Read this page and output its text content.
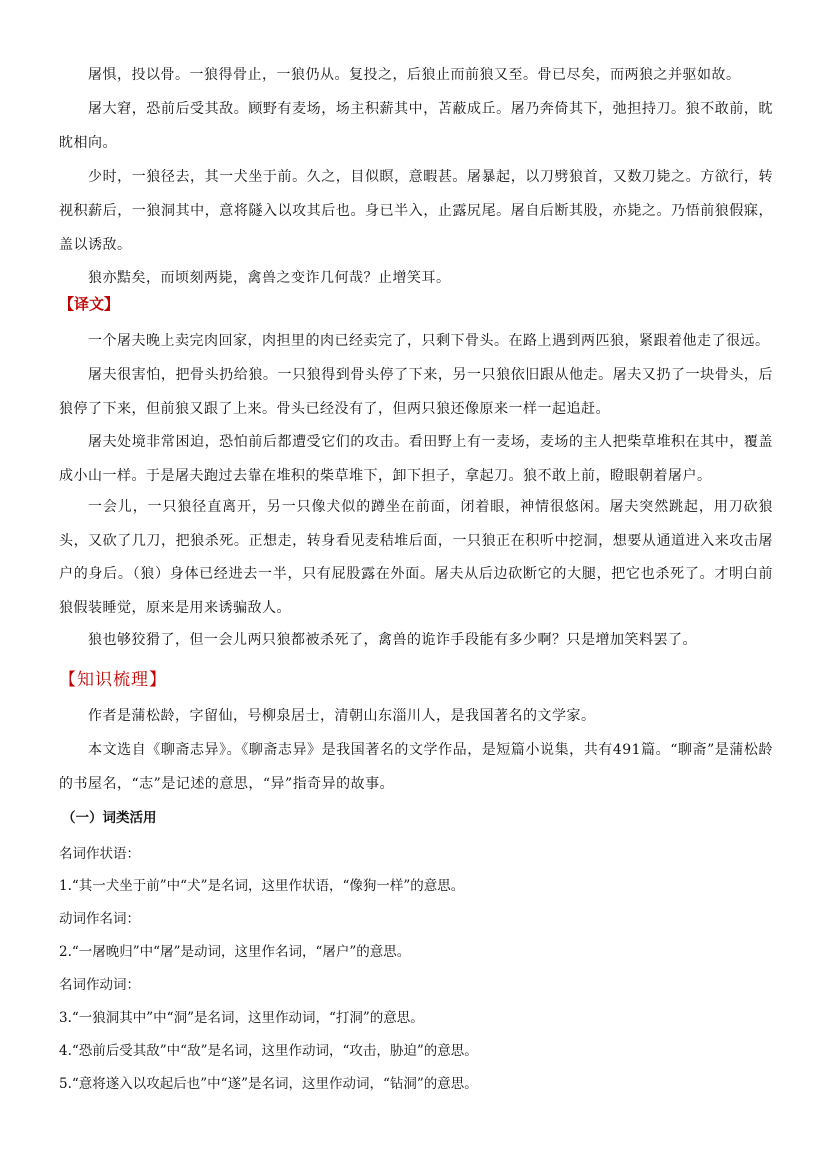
屠惧，投以骨。一狼得骨止，一狼仍从。复投之，后狼止而前狼又至。骨已尽矣，而两狼之并驱如故。
屠大窘，恐前后受其敌。顾野有麦场，场主积薪其中，苫蔽成丘。屠乃奔倚其下，弛担持刀。狼不敢前，眈眈相向。
少时，一狼径去，其一犬坐于前。久之，目似瞑，意暇甚。屠暴起，以刀劈狼首，又数刀毙之。方欲行，转视积薪后，一狼洞其中，意将隧入以攻其后也。身已半入，止露尻尾。屠自后断其股，亦毙之。乃悟前狼假寐，盖以诱敌。
狼亦黠矣，而顷刻两毙，禽兽之变诈几何哉？止增笑耳。
【译文】
一个屠夫晚上卖完肉回家，肉担里的肉已经卖完了，只剩下骨头。在路上遇到两匹狼，紧跟着他走了很远。
屠夫很害怕，把骨头扔给狼。一只狼得到骨头停了下来，另一只狼依旧跟从他走。屠夫又扔了一块骨头，后狼停了下来，但前狼又跟了上来。骨头已经没有了，但两只狼还像原来一样一起追赶。
屠夫处境非常困迫，恐怕前后都遭受它们的攻击。看田野上有一麦场，麦场的主人把柴草堆积在其中，覆盖成小山一样。于是屠夫跑过去靠在堆积的柴草堆下，卸下担子，拿起刀。狼不敢上前，瞪眼朝着屠户。
一会儿，一只狼径直离开，另一只像犬似的蹲坐在前面，闭着眼，神情很悠闲。屠夫突然跳起，用刀砍狼头，又砍了几刀，把狼杀死。正想走，转身看见麦秸堆后面，一只狼正在积听中挖洞，想要从通道进入来攻击屠户的身后。（狼）身体已经进去一半，只有屁股露在外面。屠夫从后边砍断它的大腿，把它也杀死了。才明白前狼假装睡觉，原来是用来诱骗敌人。
狼也够狡猾了，但一会儿两只狼都被杀死了，禽兽的诡诈手段能有多少啊？只是增加笑料罢了。
【知识梳理】
作者是蒲松龄，字留仙，号柳泉居士，清朝山东淄川人，是我国著名的文学家。
本文选自《聊斋志异》。《聊斋志异》是我国著名的文学作品，是短篇小说集，共有491篇。“聊斋”是蒲松龄的书屋名，“志”是记述的意思，“异”指奇异的故事。
（一）词类活用
名词作状语：
1.“其一犬坐于前”中“犬”是名词，这里作状语，“像狗一样”的意思。
动词作名词：
2.“一屠晚归”中“屠”是动词，这里作名词，“屠户”的意思。
名词作动词：
3.“一狼洞其中”中“洞”是名词，这里作动词，“打洞”的意思。
4.“恐前后受其敌”中“敌”是名词，这里作动词，“攻击，胁迫”的意思。
5.“意将遂入以攻起后也”中“遂”是名词，这里作动词，“钻洞”的意思。
